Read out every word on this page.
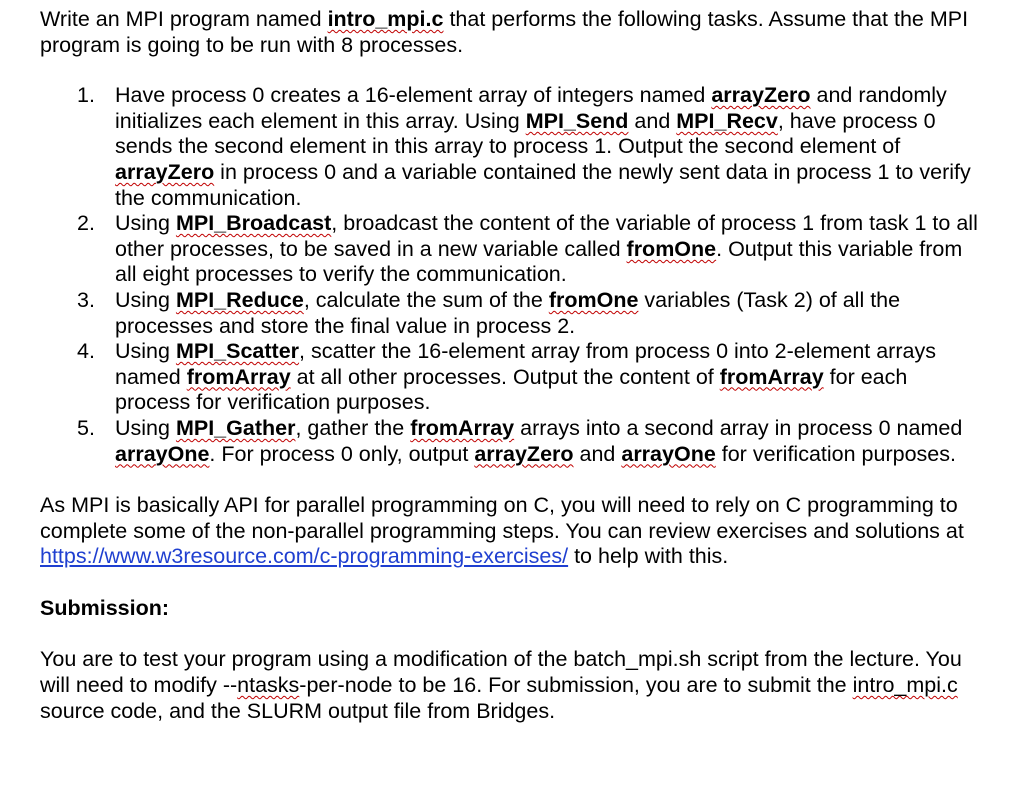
Write an MPI program named intro_mpi.c that performs the following tasks. Assume that the MPI program is going to be run with 8 processes.

1. Have process 0 creates a 16-element array of integers named arrayZero and randomly initializes each element in this array. Using MPI_Send and MPI_Recv, have process 0 sends the second element in this array to process 1. Output the second element of arrayZero in process 0 and a variable contained the newly sent data in process 1 to verify the communication.
2. Using MPI_Broadcast, broadcast the content of the variable of process 1 from task 1 to all other processes, to be saved in a new variable called fromOne. Output this variable from all eight processes to verify the communication.
3. Using MPI_Reduce, calculate the sum of the fromOne variables (Task 2) of all the processes and store the final value in process 2.
4. Using MPI_Scatter, scatter the 16-element array from process 0 into 2-element arrays named fromArray at all other processes. Output the content of fromArray for each process for verification purposes.
5. Using MPI_Gather, gather the fromArray arrays into a second array in process 0 named arrayOne. For process 0 only, output arrayZero and arrayOne for verification purposes.

As MPI is basically API for parallel programming on C, you will need to rely on C programming to complete some of the non-parallel programming steps. You can review exercises and solutions at https://www.w3resource.com/c-programming-exercises/ to help with this.

Submission:

You are to test your program using a modification of the batch_mpi.sh script from the lecture. You will need to modify --ntasks-per-node to be 16. For submission, you are to submit the intro_mpi.c source code, and the SLURM output file from Bridges.
